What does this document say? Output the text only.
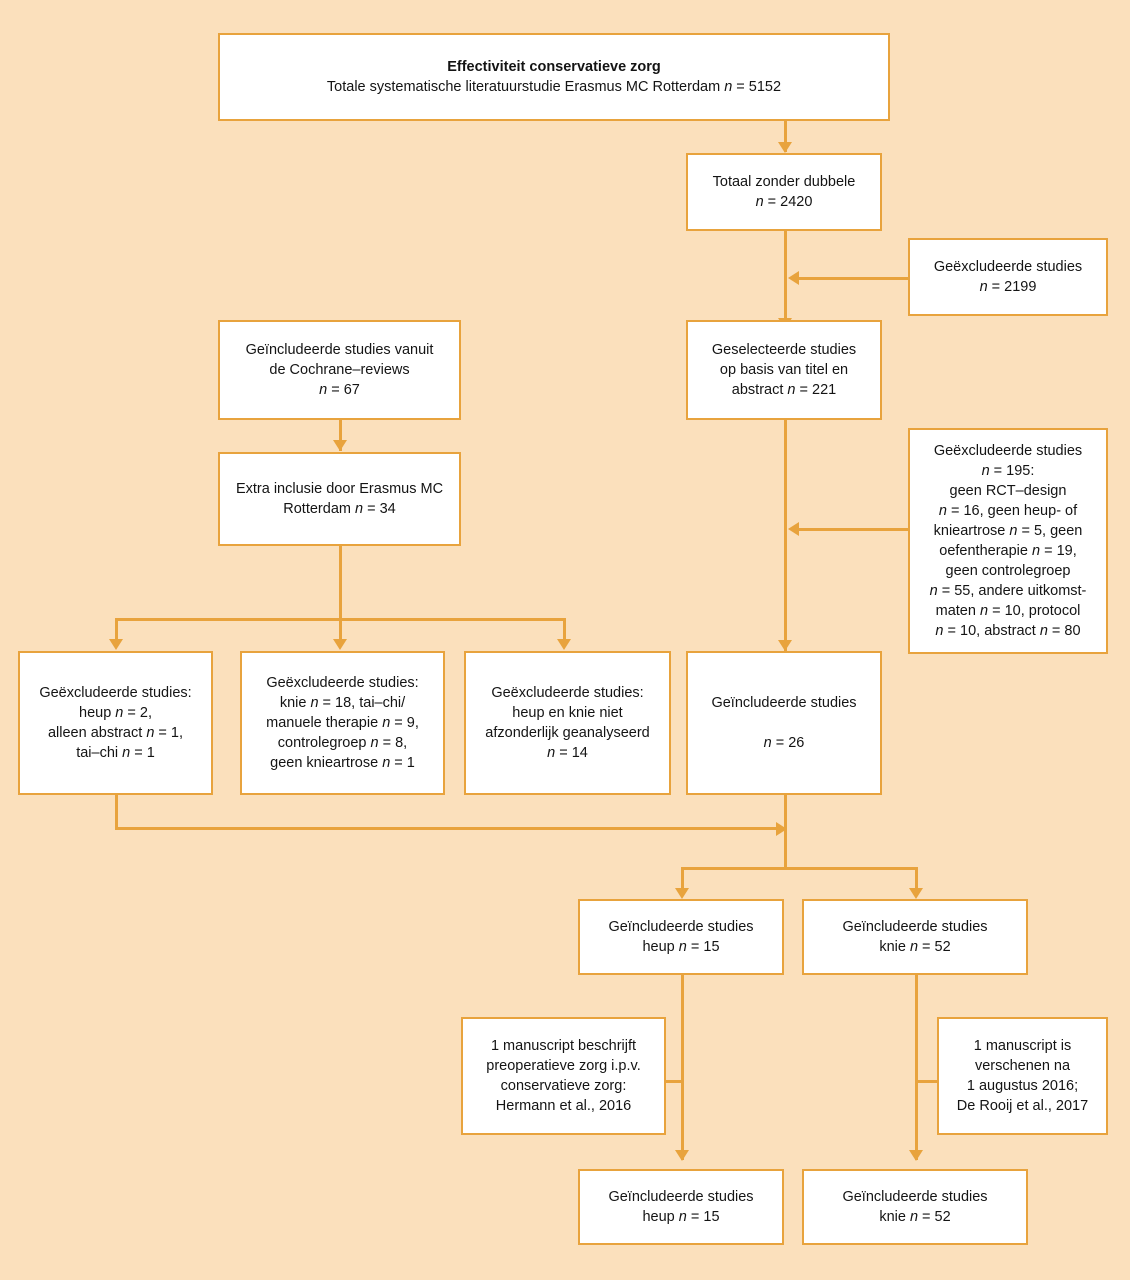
Effectiviteit conservatieve zorg
Totale systematische literatuurstudie Erasmus MC Rotterdam n = 5152
Totaal zonder dubbele
n = 2420
Geëxcludeerde studies
n = 2199
Geïncludeerde studies vanuit
de Cochrane–reviews
n = 67
Geselecteerde studies
op basis van titel en
abstract n = 221
Extra inclusie door Erasmus MC
Rotterdam n = 34
Geëxcludeerde studies
n = 195:
geen RCT–design
n = 16, geen heup- of
knieartrose n = 5, geen
oefentherapie n = 19,
geen controlegroep
n = 55, andere uitkomst-
maten n = 10, protocol
n = 10, abstract n = 80
Geëxcludeerde studies:
heup n = 2,
alleen abstract n = 1,
tai–chi n = 1
Geëxcludeerde studies:
knie n = 18, tai–chi/
manuele therapie n = 9,
controlegroep n = 8,
geen knieartrose n = 1
Geëxcludeerde studies:
heup en knie niet
afzonderlijk geanalyseerd
n = 14
Geïncludeerde studies

n = 26
Geïncludeerde studies
heup n = 15
Geïncludeerde studies
knie n = 52
1 manuscript beschrijft
preoperatieve zorg i.p.v.
conservatieve zorg:
Hermann et al., 2016
1 manuscript is
verschenen na
1 augustus 2016;
De Rooij et al., 2017
Geïncludeerde studies
heup n = 15
Geïncludeerde studies
knie n = 52
